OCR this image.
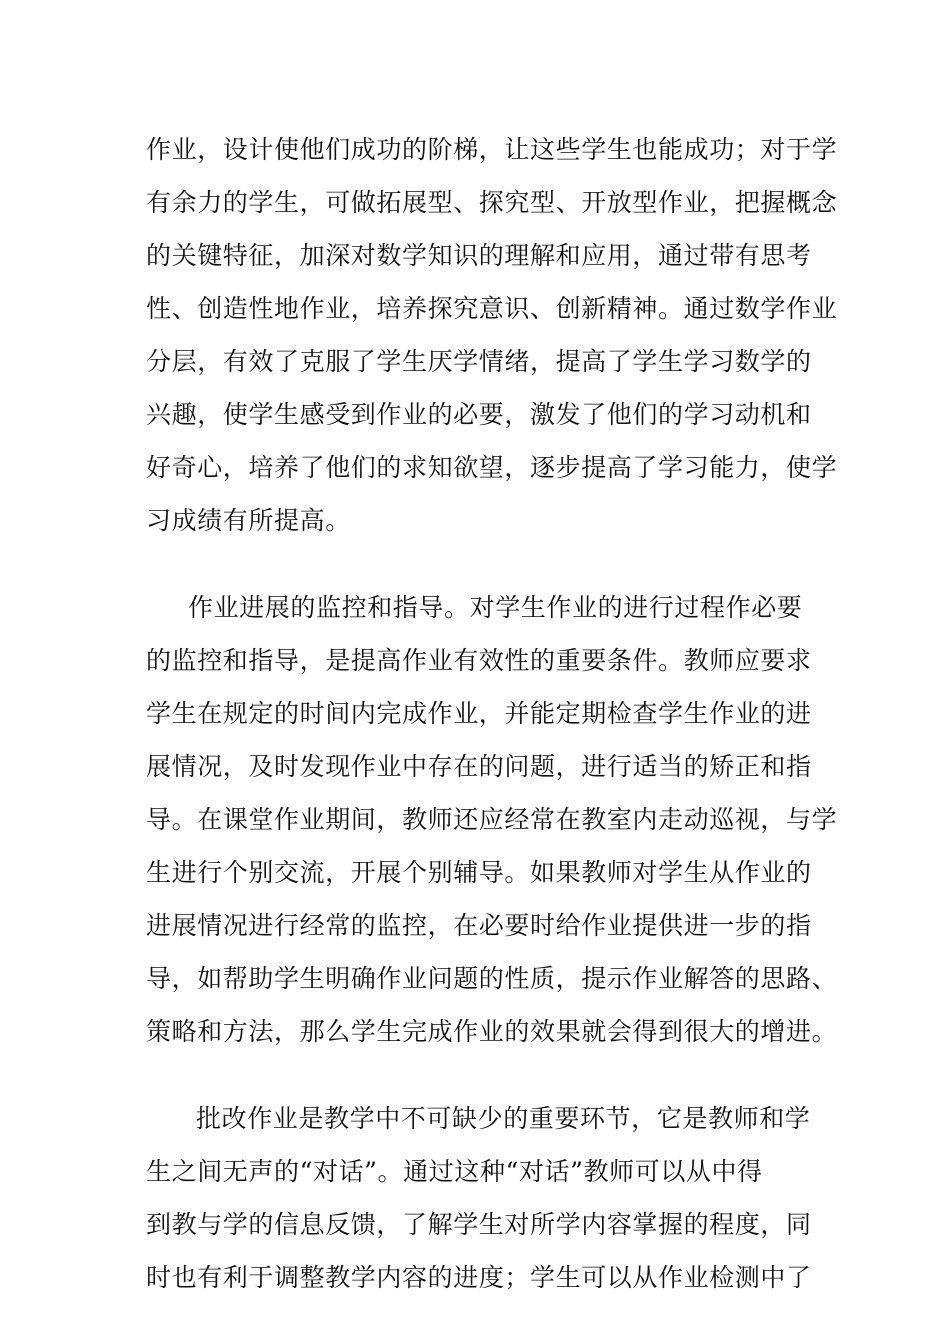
作业，设计使他们成功的阶梯，让这些学生也能成功；对于学
有余力的学生，可做拓展型、探究型、开放型作业，把握概念
的关键特征，加深对数学知识的理解和应用，通过带有思考
性、创造性地作业，培养探究意识、创新精神。通过数学作业
分层，有效了克服了学生厌学情绪，提高了学生学习数学的
兴趣，使学生感受到作业的必要，激发了他们的学习动机和
好奇心，培养了他们的求知欲望，逐步提高了学习能力，使学
习成绩有所提高。
作业进展的监控和指导。对学生作业的进行过程作必要
的监控和指导，是提高作业有效性的重要条件。教师应要求
学生在规定的时间内完成作业，并能定期检查学生作业的进
展情况，及时发现作业中存在的问题，进行适当的矫正和指
导。在课堂作业期间，教师还应经常在教室内走动巡视，与学
生进行个别交流，开展个别辅导。如果教师对学生从作业的
进展情况进行经常的监控，在必要时给作业提供进一步的指
导，如帮助学生明确作业问题的性质，提示作业解答的思路、
策略和方法，那么学生完成作业的效果就会得到很大的增进。
批改作业是教学中不可缺少的重要环节，它是教师和学
生之间无声的“对话”。通过这种“对话”教师可以从中得
到教与学的信息反馈，了解学生对所学内容掌握的程度，同
时也有利于调整教学内容的进度；学生可以从作业检测中了
